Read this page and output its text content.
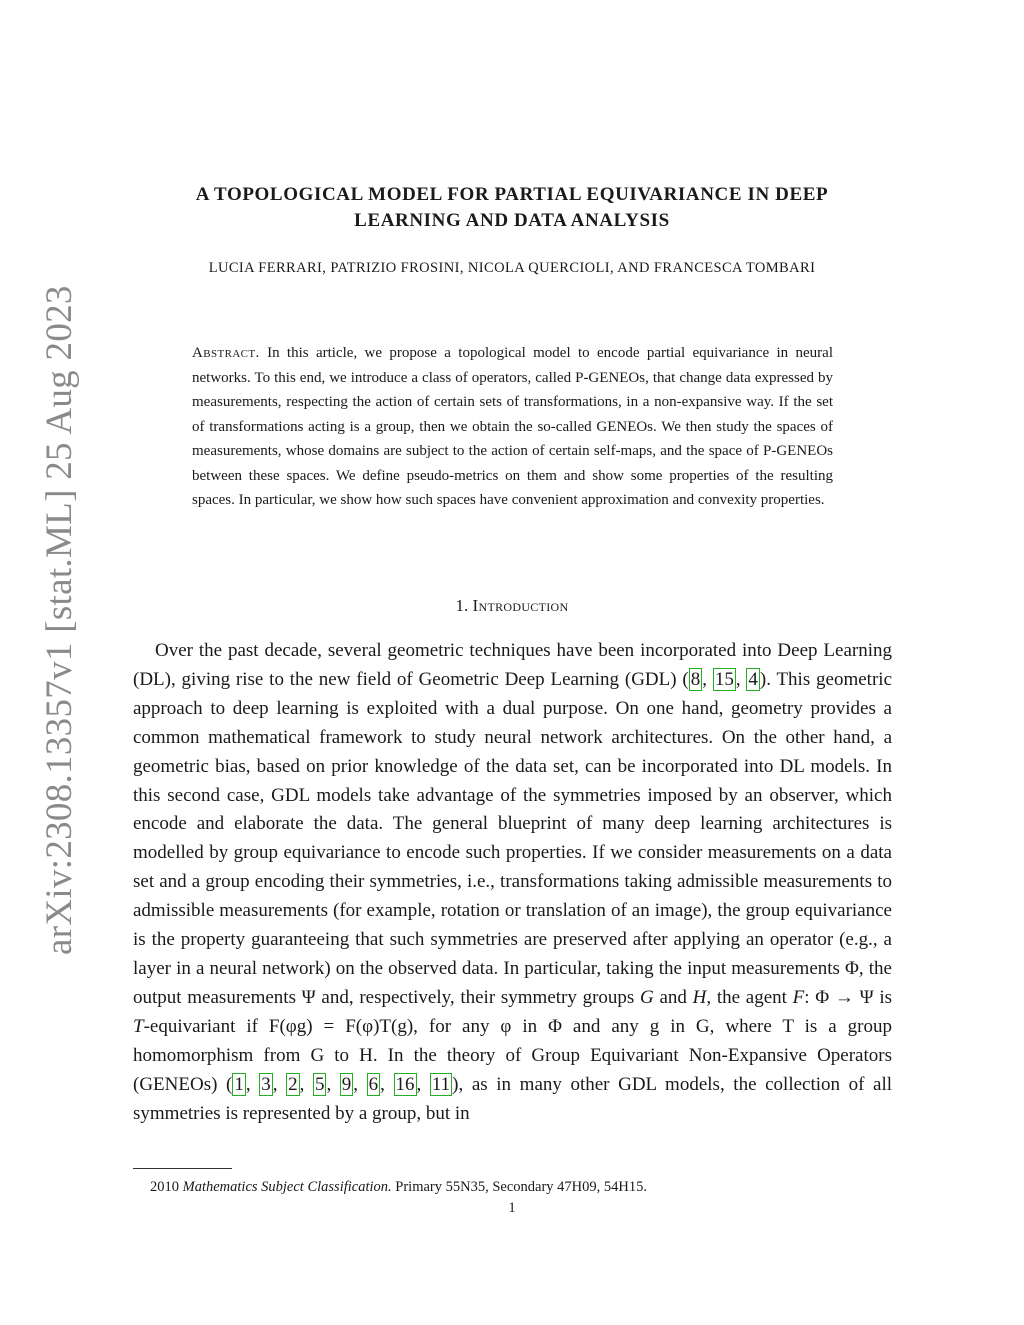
arXiv:2308.13357v1 [stat.ML] 25 Aug 2023
A TOPOLOGICAL MODEL FOR PARTIAL EQUIVARIANCE IN DEEP
LEARNING AND DATA ANALYSIS
LUCIA FERRARI, PATRIZIO FROSINI, NICOLA QUERCIOLI, AND FRANCESCA TOMBARI
Abstract. In this article, we propose a topological model to encode partial equivariance in neural networks. To this end, we introduce a class of operators, called P-GENEOs, that change data expressed by measurements, respecting the action of certain sets of transformations, in a non-expansive way. If the set of transformations acting is a group, then we obtain the so-called GENEOs. We then study the spaces of measurements, whose domains are subject to the action of certain self-maps, and the space of P-GENEOs between these spaces. We define pseudo-metrics on them and show some properties of the resulting spaces. In particular, we show how such spaces have convenient approximation and convexity properties.
1. Introduction

Over the past decade, several geometric techniques have been incorporated into Deep Learning (DL), giving rise to the new field of Geometric Deep Learning (GDL) ( 8 , 15 , 4 ). This geometric approach to deep learning is exploited with a dual purpose. On one hand, geometry provides a common mathematical framework to study neural network architectures. On the other hand, a geometric bias, based on prior knowledge of the data set, can be incorporated into DL models. In this second case, GDL models take advantage of the symmetries imposed by an observer, which encode and elaborate the data. The general blueprint of many deep learning architectures is modelled by group equivariance to encode such properties. If we consider measurements on a data set and a group encoding their symmetries, i.e., transformations taking admissible measurements to admissible measurements (for example, rotation or translation of an image), the group equivariance is the property guaranteeing that such symmetries are preserved after applying an operator (e.g., a layer in a neural network) on the observed data. In particular, taking the input measurements Φ, the output measurements Ψ and, respectively, their symmetry groups G and H, the agent F: Φ → Ψ is T-equivariant if F(φg) = F(φ)T(g), for any φ in Φ and any g in G, where T is a group homomorphism from G to H. In the theory of Group Equivariant Non-Expansive Operators (GENEOs) ( 1 , 3 , 2 , 5 , 9 , 6 , 16 , 11 ), as in many other GDL models, the collection of all symmetries is represented by a group, but in

2010 Mathematics Subject Classification. Primary 55N35, Secondary 47H09, 54H15.
1
